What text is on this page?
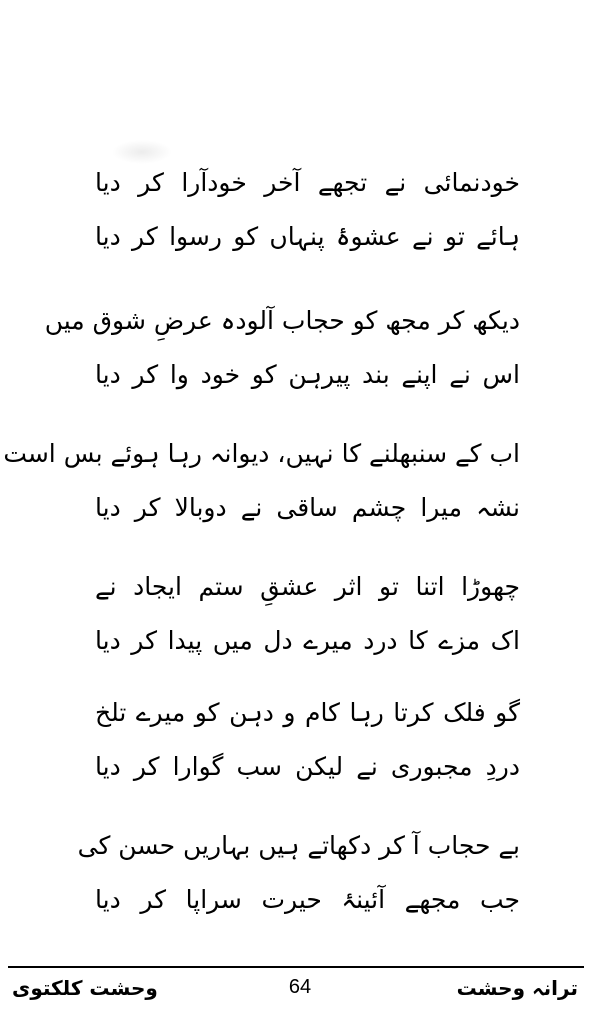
خودنمائی نے تجھے آخر خودآرا کر دیا
ہائے تو نے عشوۂ پنہاں کو رسوا کر دیا
دیکھ کر مجھ کو حجاب آلودہ عرضِ شوق میں
اس نے اپنے بند پیرہن کو خود وا کر دیا
اب کے سنبھلنے کا نہیں، دیوانہ رہا ہوئے بس است
نشہ میرا چشم ساقی نے دوبالا کر دیا
چھوڑا اتنا تو اثر عشقِ ستم ایجاد نے
اک مزے کا درد میرے دل میں پیدا کر دیا
گو فلک کرتا رہا کام و دہن کو میرے تلخ
دردِ مجبوری نے لیکن سب گوارا کر دیا
بے حجاب آ کر دکھاتے ہیں بہاریں حسن کی
جب مجھے آئینۂ حیرت سراپا کر دیا
وحشت کلکتوی	64	ترانہ وحشت
